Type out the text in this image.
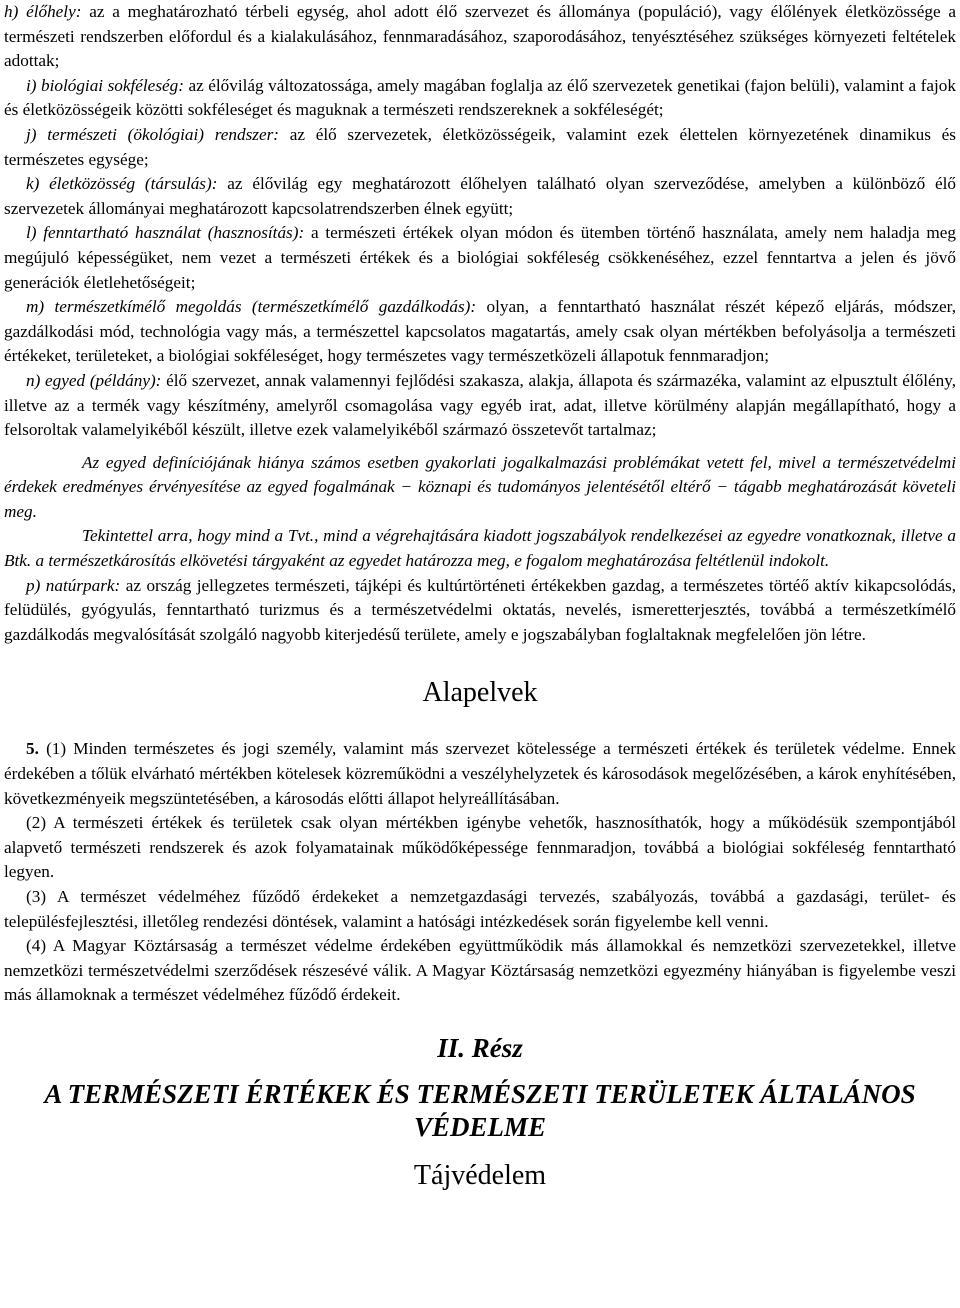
h) élőhely: az a meghatározható térbeli egység, ahol adott élő szervezet és állománya (populáció), vagy élőlények életközössége a természeti rendszerben előfordul és a kialakulásához, fennmaradásához, szaporodásához, tenyésztéséhez szükséges környezeti feltételek adottak;

i) biológiai sokféleség: az élővilág változatossága, amely magában foglalja az élő szervezetek genetikai (fajon belüli), valamint a fajok és életközösségeik közötti sokféleséget és maguknak a természeti rendszereknek a sokféleségét;

j) természeti (ökológiai) rendszer: az élő szervezetek, életközösségeik, valamint ezek élettelen környezetének dinamikus és természetes egysége;

k) életközösség (társulás): az élővilág egy meghatározott élőhelyen található olyan szerveződése, amelyben a különböző élő szervezetek állományai meghatározott kapcsolatrendszerben élnek együtt;

l) fenntartható használat (hasznosítás): a természeti értékek olyan módon és ütemben történő használata, amely nem haladja meg megújuló képességüket, nem vezet a természeti értékek és a biológiai sokféleség csökkenéséhez, ezzel fenntartva a jelen és jövő generációk életlehetőségeit;

m) természetkímélő megoldás (természetkímélő gazdálkodás): olyan, a fenntartható használat részét képező eljárás, módszer, gazdálkodási mód, technológia vagy más, a természettel kapcsolatos magatartás, amely csak olyan mértékben befolyásolja a természeti értékeket, területeket, a biológiai sokféleséget, hogy természetes vagy természetközeli állapotuk fennmaradjon;

n) egyed (példány): élő szervezet, annak valamennyi fejlődési szakasza, alakja, állapota és származéka, valamint az elpusztult élőlény, illetve az a termék vagy készítmény, amelyről csomagolása vagy egyéb irat, adat, illetve körülmény alapján megállapítható, hogy a felsoroltak valamelyikéből készült, illetve ezek valamelyikéből származó összetevőt tartalmaz;

Az egyed definíciójának hiánya számos esetben gyakorlati jogalkalmazási problémákat vetett fel, mivel a természetvédelmi érdekek eredményes érvényesítése az egyed fogalmának − köznapi és tudományos jelentésétől eltérő − tágabb meghatározását követeli meg.

Tekintettel arra, hogy mind a Tvt., mind a végrehajtására kiadott jogszabályok rendelkezései az egyedre vonatkoznak, illetve a Btk. a természetkárosítás elkövetési tárgyaként az egyedet határozza meg, e fogalom meghatározása feltétlenül indokolt.

p) natúrpark: az ország jellegzetes természeti, tájképi és kultúrtörténeti értékekben gazdag, a természetes törtéő aktív kikapcsolódás, felüdülés, gyógyulás, fenntartható turizmus és a természetvédelmi oktatás, nevelés, ismeretterjesztés, továbbá a természetkímélő gazdálkodás megvalósítását szolgáló nagyobb kiterjedésű területe, amely e jogszabályban foglaltaknak megfelelően jön létre.

Alapelvek

5. (1) Minden természetes és jogi személy, valamint más szervezet kötelessége a természeti értékek és területek védelme. Ennek érdekében a tőlük elvárható mértékben kötelesek közreműködni a veszélyhelyzetek és károsodások megelőzésében, a károk enyhítésében, következményeik megszüntetésében, a károsodás előtti állapot helyreállításában.

(2) A természeti értékek és területek csak olyan mértékben igénybe vehetők, hasznosíthatók, hogy a működésük szempontjából alapvető természeti rendszerek és azok folyamatainak működőképessége fennmaradjon, továbbá a biológiai sokféleség fenntartható legyen.

(3) A természet védelméhez fűződő érdekeket a nemzetgazdasági tervezés, szabályozás, továbbá a gazdasági, terület- és településfejlesztési, illetőleg rendezési döntések, valamint a hatósági intézkedések során figyelembe kell venni.

(4) A Magyar Köztársaság a természet védelme érdekében együttműködik más államokkal és nemzetközi szervezetekkel, illetve nemzetközi természetvédelmi szerződések részesévé válik. A Magyar Köztársaság nemzetközi egyezmény hiányában is figyelembe veszi más államoknak a természet védelméhez fűződő érdekeit.

II. Rész
A TERMÉSZETI ÉRTÉKEK ÉS TERMÉSZETI TERÜLETEK ÁLTALÁNOS VÉDELME
Tájvédelem
